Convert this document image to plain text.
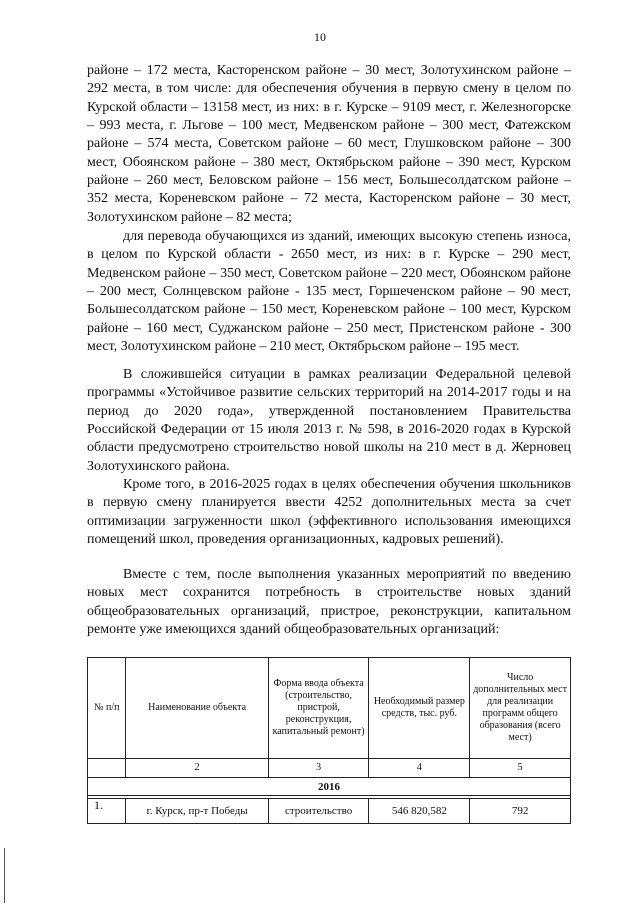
10

районе – 172 места, Касторенском районе – 30 мест, Золотухинском районе – 292 места, в том числе: для обеспечения обучения в первую смену в целом по Курской области – 13158 мест, из них: в г. Курске – 9109 мест, г. Железногорске – 993 места, г. Льгове – 100 мест, Медвенском районе – 300 мест, Фатежском районе – 574 места, Советском районе – 60 мест, Глушковском районе – 300 мест, Обоянском районе – 380 мест, Октябрьском районе – 390 мест, Курском районе – 260 мест, Беловском районе – 156 мест, Большесолдатском районе – 352 места, Кореневском районе – 72 места, Касторенском районе – 30 мест, Золотухинском районе – 82 места;

для перевода обучающихся из зданий, имеющих высокую степень износа, в целом по Курской области - 2650 мест, из них: в г. Курске – 290 мест, Медвенском районе – 350 мест, Советском районе – 220 мест, Обоянском районе – 200 мест, Солнцевском районе - 135 мест, Горшеченском районе – 90 мест, Большесолдатском районе – 150 мест, Кореневском районе – 100 мест, Курском районе – 160 мест, Суджанском районе – 250 мест, Пристенском районе - 300 мест, Золотухинском районе – 210 мест, Октябрьском районе – 195 мест.

В сложившейся ситуации в рамках реализации Федеральной целевой программы «Устойчивое развитие сельских территорий на 2014-2017 годы и на период до 2020 года», утвержденной постановлением Правительства Российской Федерации от 15 июля 2013 г. № 598, в 2016-2020 годах в Курской области предусмотрено строительство новой школы на 210 мест в д. Жерновец Золотухинского района.

Кроме того, в 2016-2025 годах в целях обеспечения обучения школьников в первую смену планируется ввести 4252 дополнительных места за счет оптимизации загруженности школ (эффективного использования имеющихся помещений школ, проведения организационных, кадровых решений).

Вместе с тем, после выполнения указанных мероприятий по введению новых мест сохранится потребность в строительстве новых зданий общеобразовательных организаций, пристрое, реконструкции, капитальном ремонте уже имеющихся зданий общеобразовательных организаций:

№ п/п	Наименование объекта	Форма ввода объекта (строительство, пристрой, реконструкция, капитальный ремонт)	Необходимый размер средств, тыс. руб.	Число дополнительных мест для реализации программ общего образования (всего мест)
	2	3	4	5
2016				

1.	г. Курск, пр-т Победы	строительство	546 820,582	792
